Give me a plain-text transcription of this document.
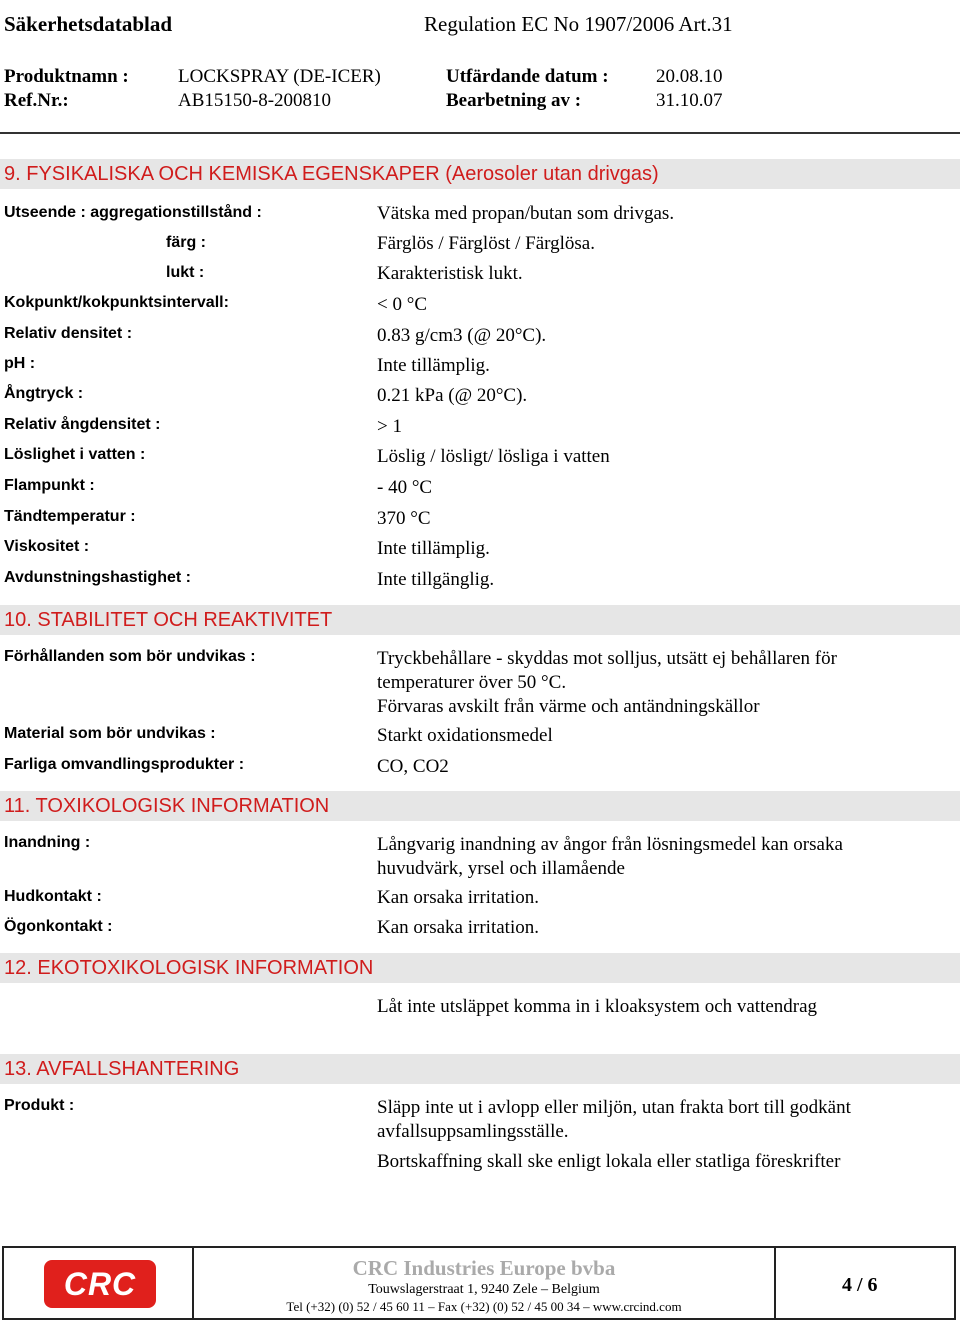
Säkerhetsdatablad	Regulation EC No 1907/2006 Art.31
Produktnamn :	LOCKSPRAY (DE-ICER)	Utfärdande datum : 20.08.10
Ref.Nr.:	AB15150-8-200810	Bearbetning av :	31.10.07
9. FYSIKALISKA OCH KEMISKA EGENSKAPER (Aerosoler utan drivgas)
Utseende : aggregationstillstånd :	Vätska med propan/butan som drivgas.
färg :	Färglös / Färglöst / Färglösa.
lukt :	Karakteristisk lukt.
Kokpunkt/kokpunktsintervall:	< 0 °C
Relativ densitet :	0.83 g/cm3 (@ 20°C).
pH :	Inte tillämplig.
Ångtryck :	0.21 kPa (@ 20°C).
Relativ ångdensitet :	> 1
Löslighet i vatten :	Löslig / lösligt/ lösliga i vatten
Flampunkt :	- 40 °C
Tändtemperatur :	370 °C
Viskositet :	Inte tillämplig.
Avdunstningshastighet :	Inte tillgänglig.
10. STABILITET OCH REAKTIVITET
Förhållanden som bör undvikas :	Tryckbehållare - skyddas mot solljus, utsätt ej behållaren för temperaturer över 50 °C.
Förvaras avskilt från värme och antändningskällor
Material som bör undvikas :	Starkt oxidationsmedel
Farliga omvandlingsprodukter :	CO, CO2
11. TOXIKOLOGISK INFORMATION
Inandning :	Långvarig inandning av ångor från lösningsmedel kan orsaka huvudvärk, yrsel och illamående
Hudkontakt :	Kan orsaka irritation.
Ögonkontakt :	Kan orsaka irritation.
12. EKOTOXIKOLOGISK INFORMATION
Låt inte utsläppet komma in i kloaksystem och vattendrag
13. AVFALLSHANTERING
Produkt :	Släpp inte ut i avlopp eller miljön, utan frakta bort till godkänt avfallsuppsamlingsställe.
Bortskaffning skall ske enligt lokala eller statliga föreskrifter
CRC	CRC Industries Europe bvba
Touwslagerstraat 1, 9240 Zele – Belgium
Tel (+32) (0) 52 / 45 60 11 – Fax (+32) (0) 52 / 45 00 34 – www.crcind.com
4 / 6
